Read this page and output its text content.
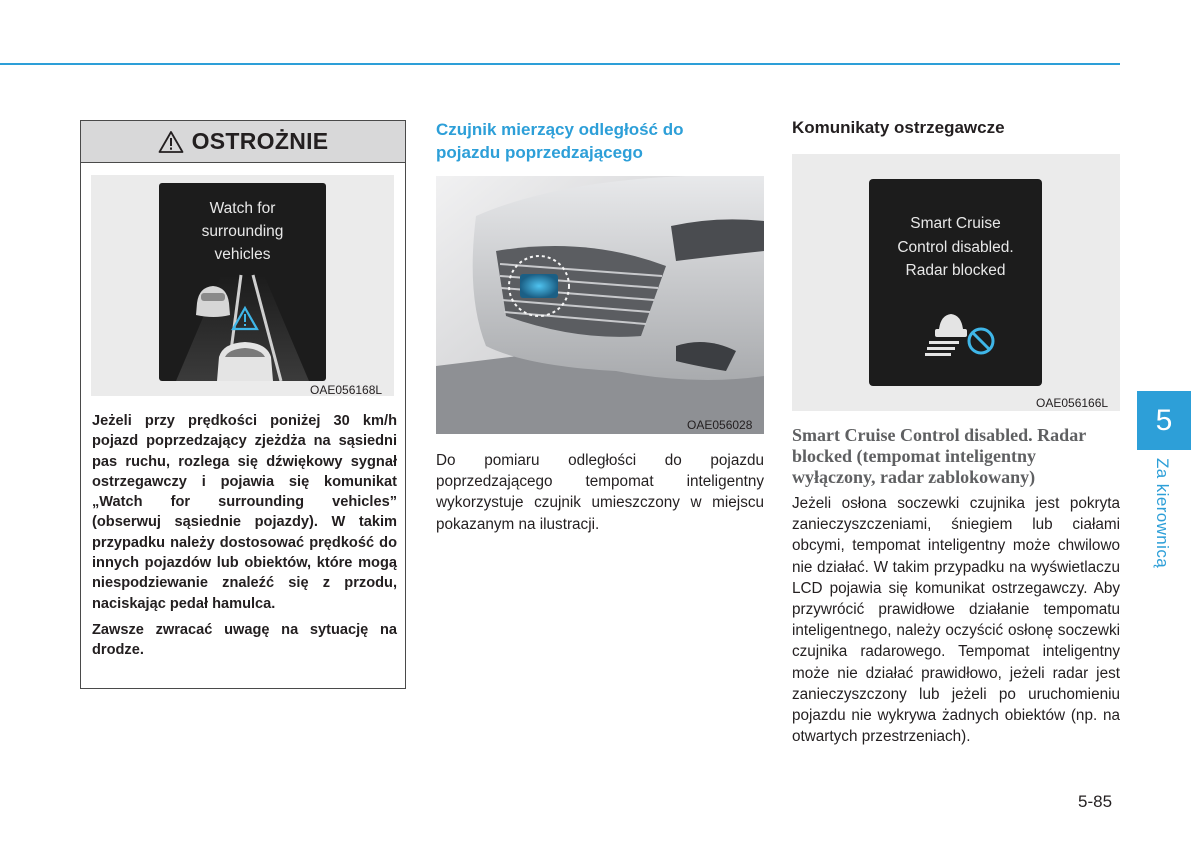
OSTROŻNIE
Watch for
surrounding
vehicles
OAE056168L

Jeżeli przy prędkości poniżej 30 km/h pojazd poprzedzający zjeżdża na sąsiedni pas ruchu, rozlega się dźwiękowy sygnał ostrzegawczy i pojawia się komunikat „Watch for surrounding vehicles” (obserwuj sąsiednie pojazdy). W takim przypadku należy dostosować prędkość do innych pojazdów lub obiektów, które mogą niespodziewanie znaleźć się z przodu, naciskając pedał hamulca.

Zawsze zwracać uwagę na sytuację na drodze.

Czujnik mierzący odległość do
pojazdu poprzedzającego
OAE056028
Do pomiaru odległości do pojazdu poprzedzającego tempomat inteligentny wykorzystuje czujnik umieszczony w miejscu pokazanym na ilustracji.
Komunikaty ostrzegawcze
Smart Cruise
Control disabled.
Radar blocked
OAE056166L
Smart Cruise Control disabled. Radar
blocked (tempomat inteligentny
wyłączony, radar zablokowany)
Jeżeli osłona soczewki czujnika jest pokryta zanieczyszczeniami, śniegiem lub ciałami obcymi, tempomat inteligentny może chwilowo nie działać. W takim przypadku na wyświetlaczu LCD pojawia się komunikat ostrzegawczy. Aby przywrócić prawidłowe działanie tempomatu inteligentnego, należy oczyścić osłonę soczewki czujnika radarowego. Tempomat inteligentny może nie działać prawidłowo, jeżeli radar jest zanieczyszczony lub jeżeli po uruchomieniu pojazdu nie wykrywa żadnych obiektów (np. na otwartych przestrzeniach).
5
Za kierownicą
5-85
